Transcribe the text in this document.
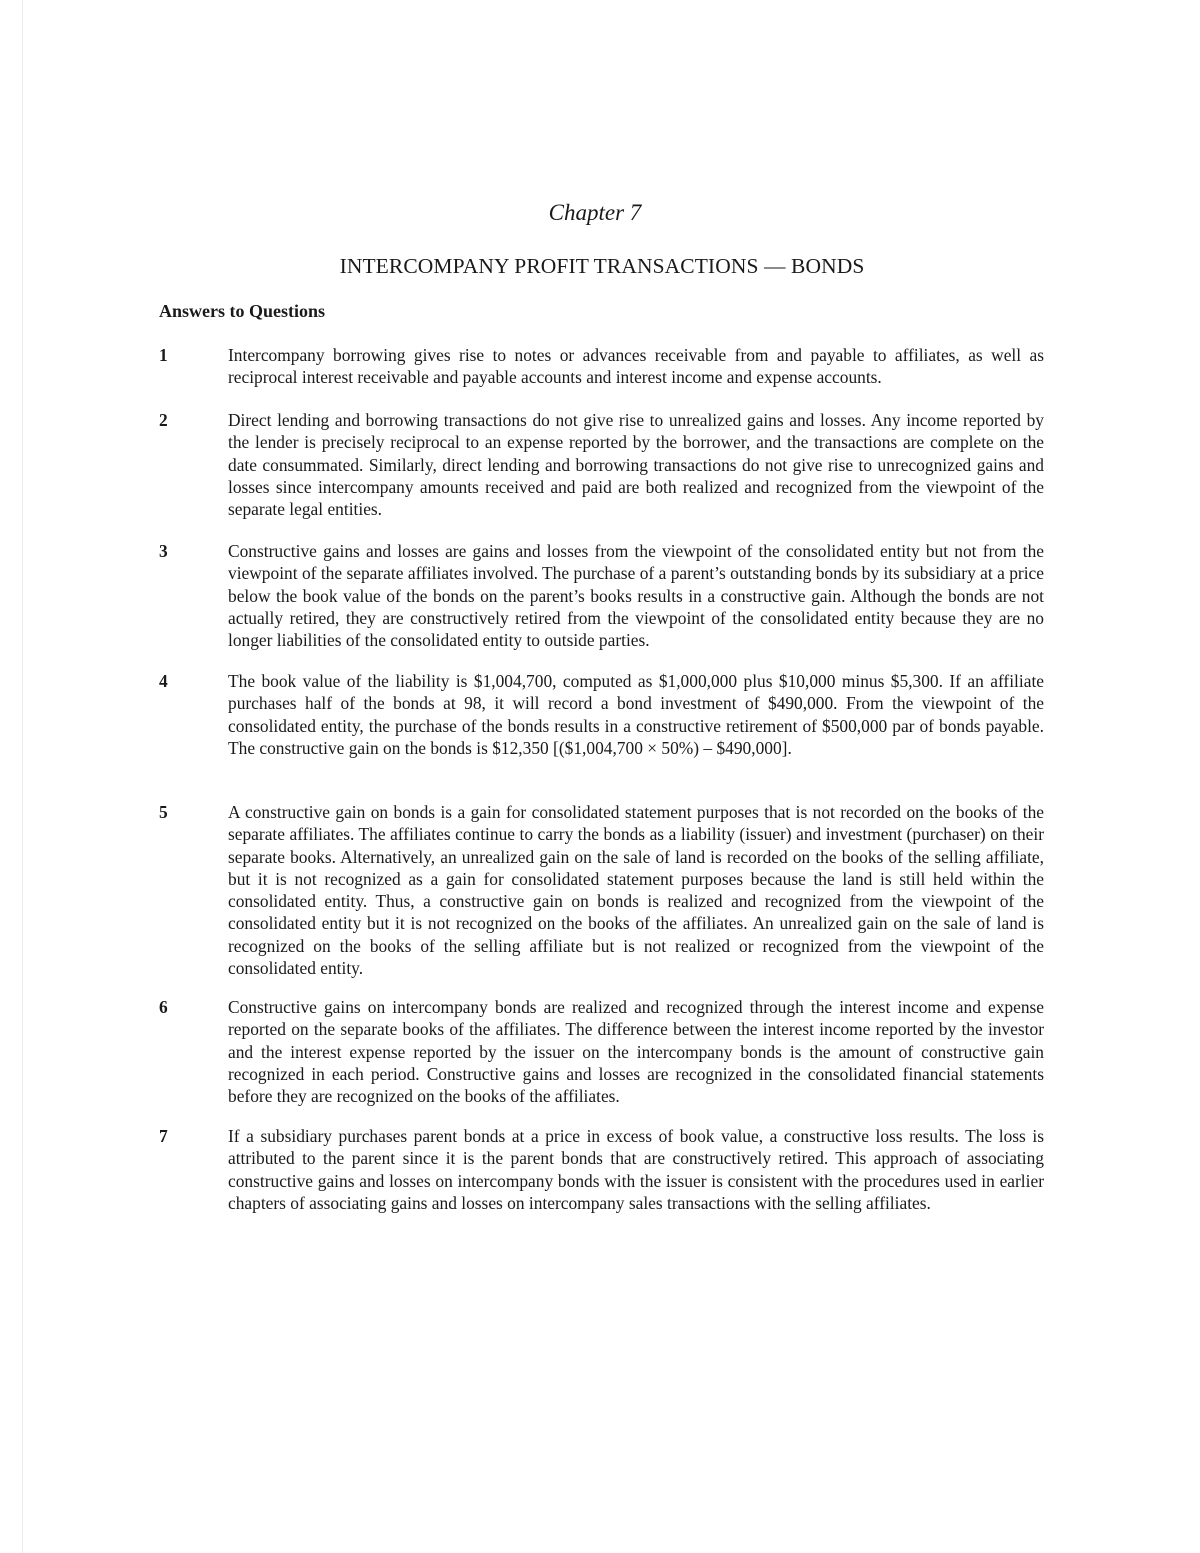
Chapter 7
INTERCOMPANY PROFIT TRANSACTIONS — BONDS
Answers to Questions
1	Intercompany borrowing gives rise to notes or advances receivable from and payable to affiliates, as well as reciprocal interest receivable and payable accounts and interest income and expense accounts.
2	Direct lending and borrowing transactions do not give rise to unrealized gains and losses. Any income reported by the lender is precisely reciprocal to an expense reported by the borrower, and the transactions are complete on the date consummated. Similarly, direct lending and borrowing transactions do not give rise to unrecognized gains and losses since intercompany amounts received and paid are both realized and recognized from the viewpoint of the separate legal entities.
3	Constructive gains and losses are gains and losses from the viewpoint of the consolidated entity but not from the viewpoint of the separate affiliates involved. The purchase of a parent’s outstanding bonds by its subsidiary at a price below the book value of the bonds on the parent’s books results in a constructive gain. Although the bonds are not actually retired, they are constructively retired from the viewpoint of the consolidated entity because they are no longer liabilities of the consolidated entity to outside parties.
4	The book value of the liability is $1,004,700, computed as $1,000,000 plus $10,000 minus $5,300. If an affiliate purchases half of the bonds at 98, it will record a bond investment of $490,000. From the viewpoint of the consolidated entity, the purchase of the bonds results in a constructive retirement of $500,000 par of bonds payable. The constructive gain on the bonds is $12,350 [($1,004,700 × 50%) – $490,000].
5	A constructive gain on bonds is a gain for consolidated statement purposes that is not recorded on the books of the separate affiliates. The affiliates continue to carry the bonds as a liability (issuer) and investment (purchaser) on their separate books. Alternatively, an unrealized gain on the sale of land is recorded on the books of the selling affiliate, but it is not recognized as a gain for consolidated statement purposes because the land is still held within the consolidated entity. Thus, a constructive gain on bonds is realized and recognized from the viewpoint of the consolidated entity but it is not recognized on the books of the affiliates. An unrealized gain on the sale of land is recognized on the books of the selling affiliate but is not realized or recognized from the viewpoint of the consolidated entity.
6	Constructive gains on intercompany bonds are realized and recognized through the interest income and expense reported on the separate books of the affiliates. The difference between the interest income reported by the investor and the interest expense reported by the issuer on the intercompany bonds is the amount of constructive gain recognized in each period. Constructive gains and losses are recognized in the consolidated financial statements before they are recognized on the books of the affiliates.
7	If a subsidiary purchases parent bonds at a price in excess of book value, a constructive loss results. The loss is attributed to the parent since it is the parent bonds that are constructively retired. This approach of associating constructive gains and losses on intercompany bonds with the issuer is consistent with the procedures used in earlier chapters of associating gains and losses on intercompany sales transactions with the selling affiliates.
